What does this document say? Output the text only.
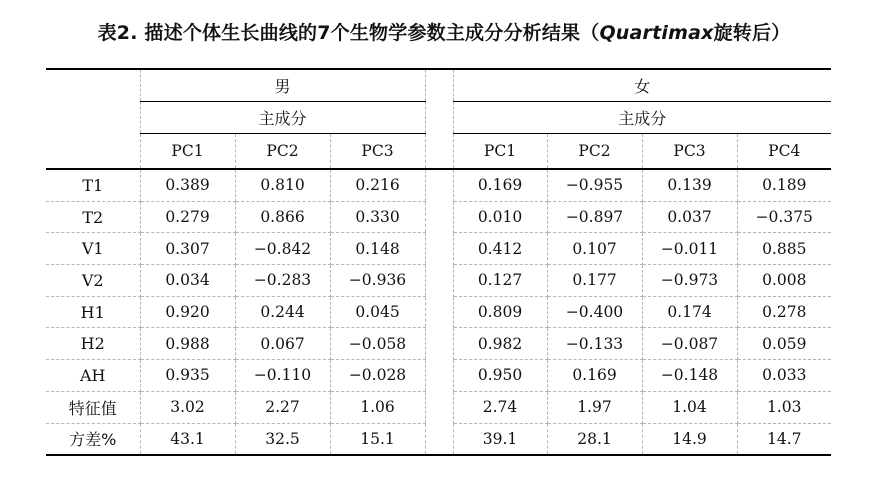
表2. 描述个体生长曲线的7个生物学参数主成分分析结果（Quartimax旋转后）
	男				女			
	主成分				主成分			
	PC1	PC2	PC3		PC1	PC2	PC3	PC4
T1	0.389	0.810	0.216		0.169	−0.955	0.139	0.189
T2	0.279	0.866	0.330		0.010	−0.897	0.037	−0.375
V1	0.307	−0.842	0.148		0.412	0.107	−0.011	0.885
V2	0.034	−0.283	−0.936		0.127	0.177	−0.973	0.008
H1	0.920	0.244	0.045		0.809	−0.400	0.174	0.278
H2	0.988	0.067	−0.058		0.982	−0.133	−0.087	0.059
AH	0.935	−0.110	−0.028		0.950	0.169	−0.148	0.033
特征值	3.02	2.27	1.06		2.74	1.97	1.04	1.03
方差%	43.1	32.5	15.1		39.1	28.1	14.9	14.7
